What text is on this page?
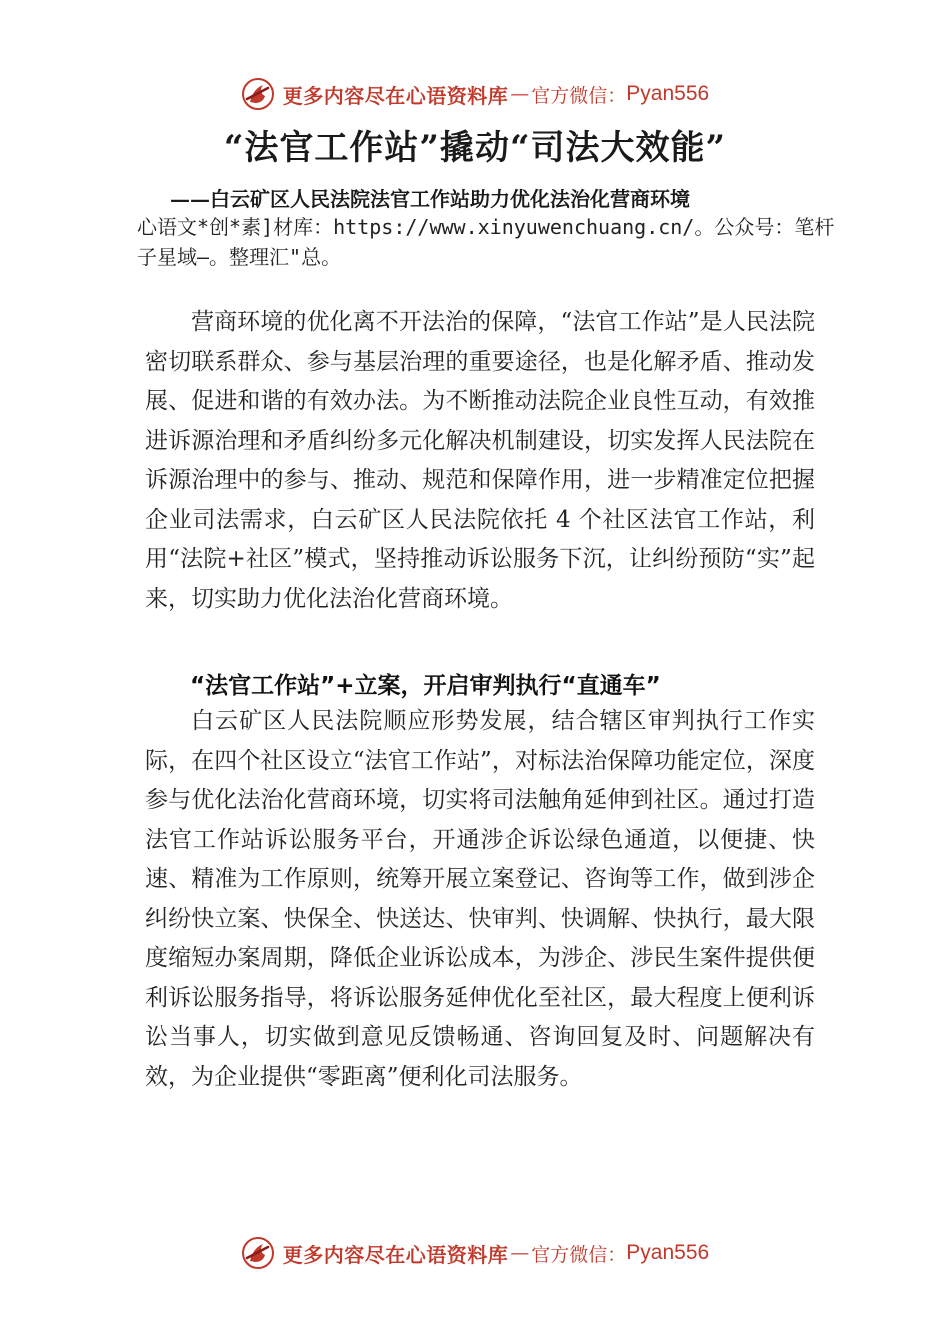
更多内容尽在心语资料库 — 官方微信： Pyan556
“法官工作站”撬动“司法大效能”
——白云矿区人民法院法官工作站助力优化法治化营商环境
心语文*创*素]材库：https://www.xinyuwenchuang.cn/。公众号：笔杆子星域—。整理汇"总。

营商环境的优化离不开法治的保障，“法官工作站”是人民法院密切联系群众、参与基层治理的重要途径，也是化解矛盾、推动发展、促进和谐的有效办法。为不断推动法院企业良性互动，有效推进诉源治理和矛盾纠纷多元化解决机制建设，切实发挥人民法院在诉源治理中的参与、推动、规范和保障作用，进一步精准定位把握企业司法需求，白云矿区人民法院依托 4 个社区法官工作站，利用“法院+社区”模式，坚持推动诉讼服务下沉，让纠纷预防“实”起来，切实助力优化法治化营商环境。

“法官工作站”+立案，开启审判执行“直通车”

白云矿区人民法院顺应形势发展，结合辖区审判执行工作实际，在四个社区设立“法官工作站”，对标法治保障功能定位，深度参与优化法治化营商环境，切实将司法触角延伸到社区。通过打造法官工作站诉讼服务平台，开通涉企诉讼绿色通道，以便捷、快速、精准为工作原则，统筹开展立案登记、咨询等工作，做到涉企纠纷快立案、快保全、快送达、快审判、快调解、快执行，最大限度缩短办案周期，降低企业诉讼成本，为涉企、涉民生案件提供便利诉讼服务指导，将诉讼服务延伸优化至社区，最大程度上便利诉讼当事人，切实做到意见反馈畅通、咨询回复及时、问题解决有效，为企业提供“零距离”便利化司法服务。

更多内容尽在心语资料库 — 官方微信： Pyan556
